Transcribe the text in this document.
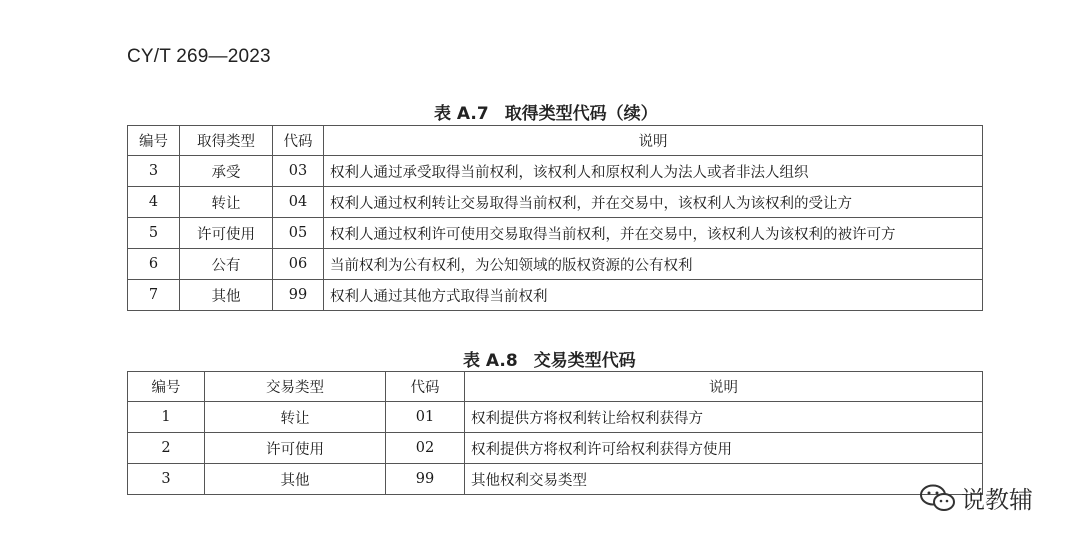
CY/T 269—2023
表 A.7 取得类型代码（续）
编号	取得类型	代码	说明
3	承受	03	权利人通过承受取得当前权利，该权利人和原权利人为法人或者非法人组织
4	转让	04	权利人通过权利转让交易取得当前权利，并在交易中，该权利人为该权利的受让方
5	许可使用	05	权利人通过权利许可使用交易取得当前权利，并在交易中，该权利人为该权利的被许可方
6	公有	06	当前权利为公有权利，为公知领域的版权资源的公有权利
7	其他	99	权利人通过其他方式取得当前权利
表 A.8 交易类型代码
编号	交易类型	代码	说明
1	转让	01	权利提供方将权利转让给权利获得方
2	许可使用	02	权利提供方将权利许可给权利获得方使用
3	其他	99	其他权利交易类型
说教辅
